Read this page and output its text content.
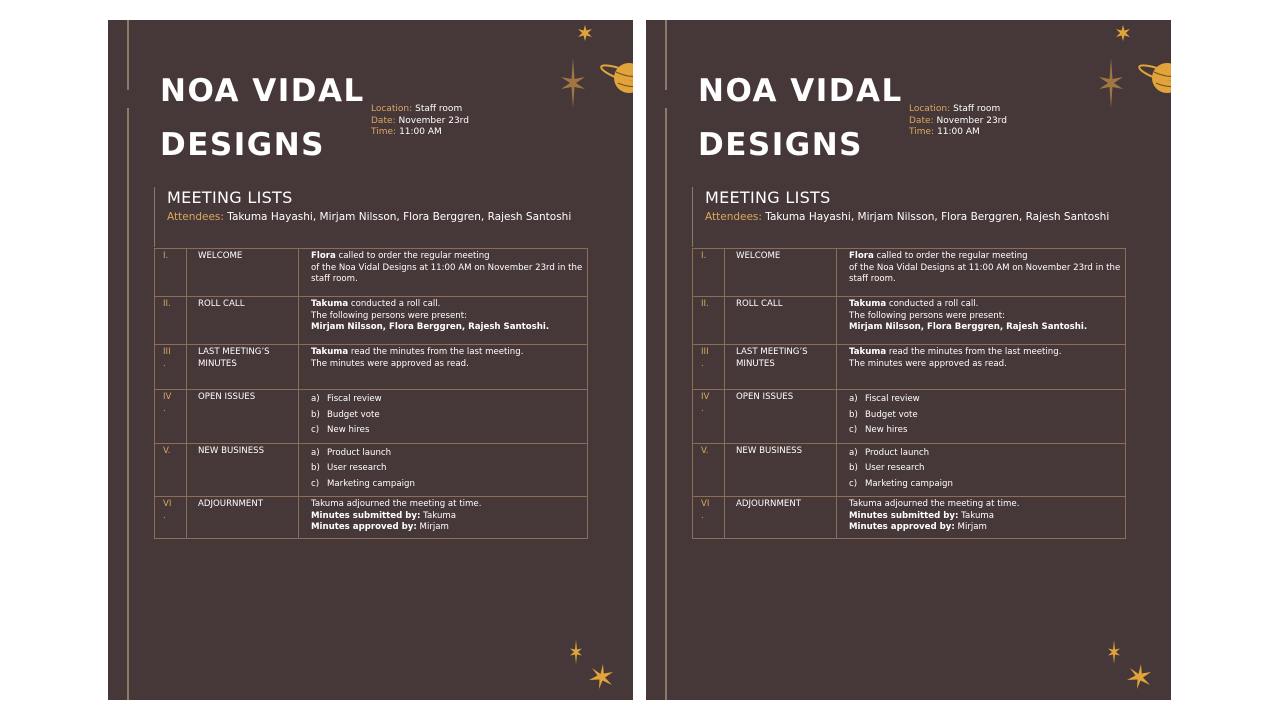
NOA VIDAL
DESIGNS
Location: Staff room
Date: November 23rd
Time: 11:00 AM
MEETING LISTS
Attendees: Takuma Hayashi, Mirjam Nilsson, Flora Berggren, Rajesh Santoshi
I.	WELCOME	Flora called to order the regular meeting
of the Noa Vidal Designs at 11:00 AM on November 23rd in the
staff room.
II.	ROLL CALL	Takuma conducted a roll call.
The following persons were present:
Mirjam Nilsson, Flora Berggren, Rajesh Santoshi.
III
.	LAST MEETING’S
MINUTES	Takuma read the minutes from the last meeting.
The minutes were approved as read.
IV
.	OPEN ISSUES	a) Fiscal review
b) Budget vote
c) New hires

V.	NEW BUSINESS	a) Product launch
b) User research
c) Marketing campaign

VI
.	ADJOURNMENT	Takuma adjourned the meeting at time.
Minutes submitted by: Takuma
Minutes approved by: Mirjam
NOA VIDAL
DESIGNS
Location: Staff room
Date: November 23rd
Time: 11:00 AM
MEETING LISTS
Attendees: Takuma Hayashi, Mirjam Nilsson, Flora Berggren, Rajesh Santoshi
I.	WELCOME	Flora called to order the regular meeting
of the Noa Vidal Designs at 11:00 AM on November 23rd in the
staff room.
II.	ROLL CALL	Takuma conducted a roll call.
The following persons were present:
Mirjam Nilsson, Flora Berggren, Rajesh Santoshi.
III
.	LAST MEETING’S
MINUTES	Takuma read the minutes from the last meeting.
The minutes were approved as read.
IV
.	OPEN ISSUES	a) Fiscal review
b) Budget vote
c) New hires

V.	NEW BUSINESS	a) Product launch
b) User research
c) Marketing campaign

VI
.	ADJOURNMENT	Takuma adjourned the meeting at time.
Minutes submitted by: Takuma
Minutes approved by: Mirjam
